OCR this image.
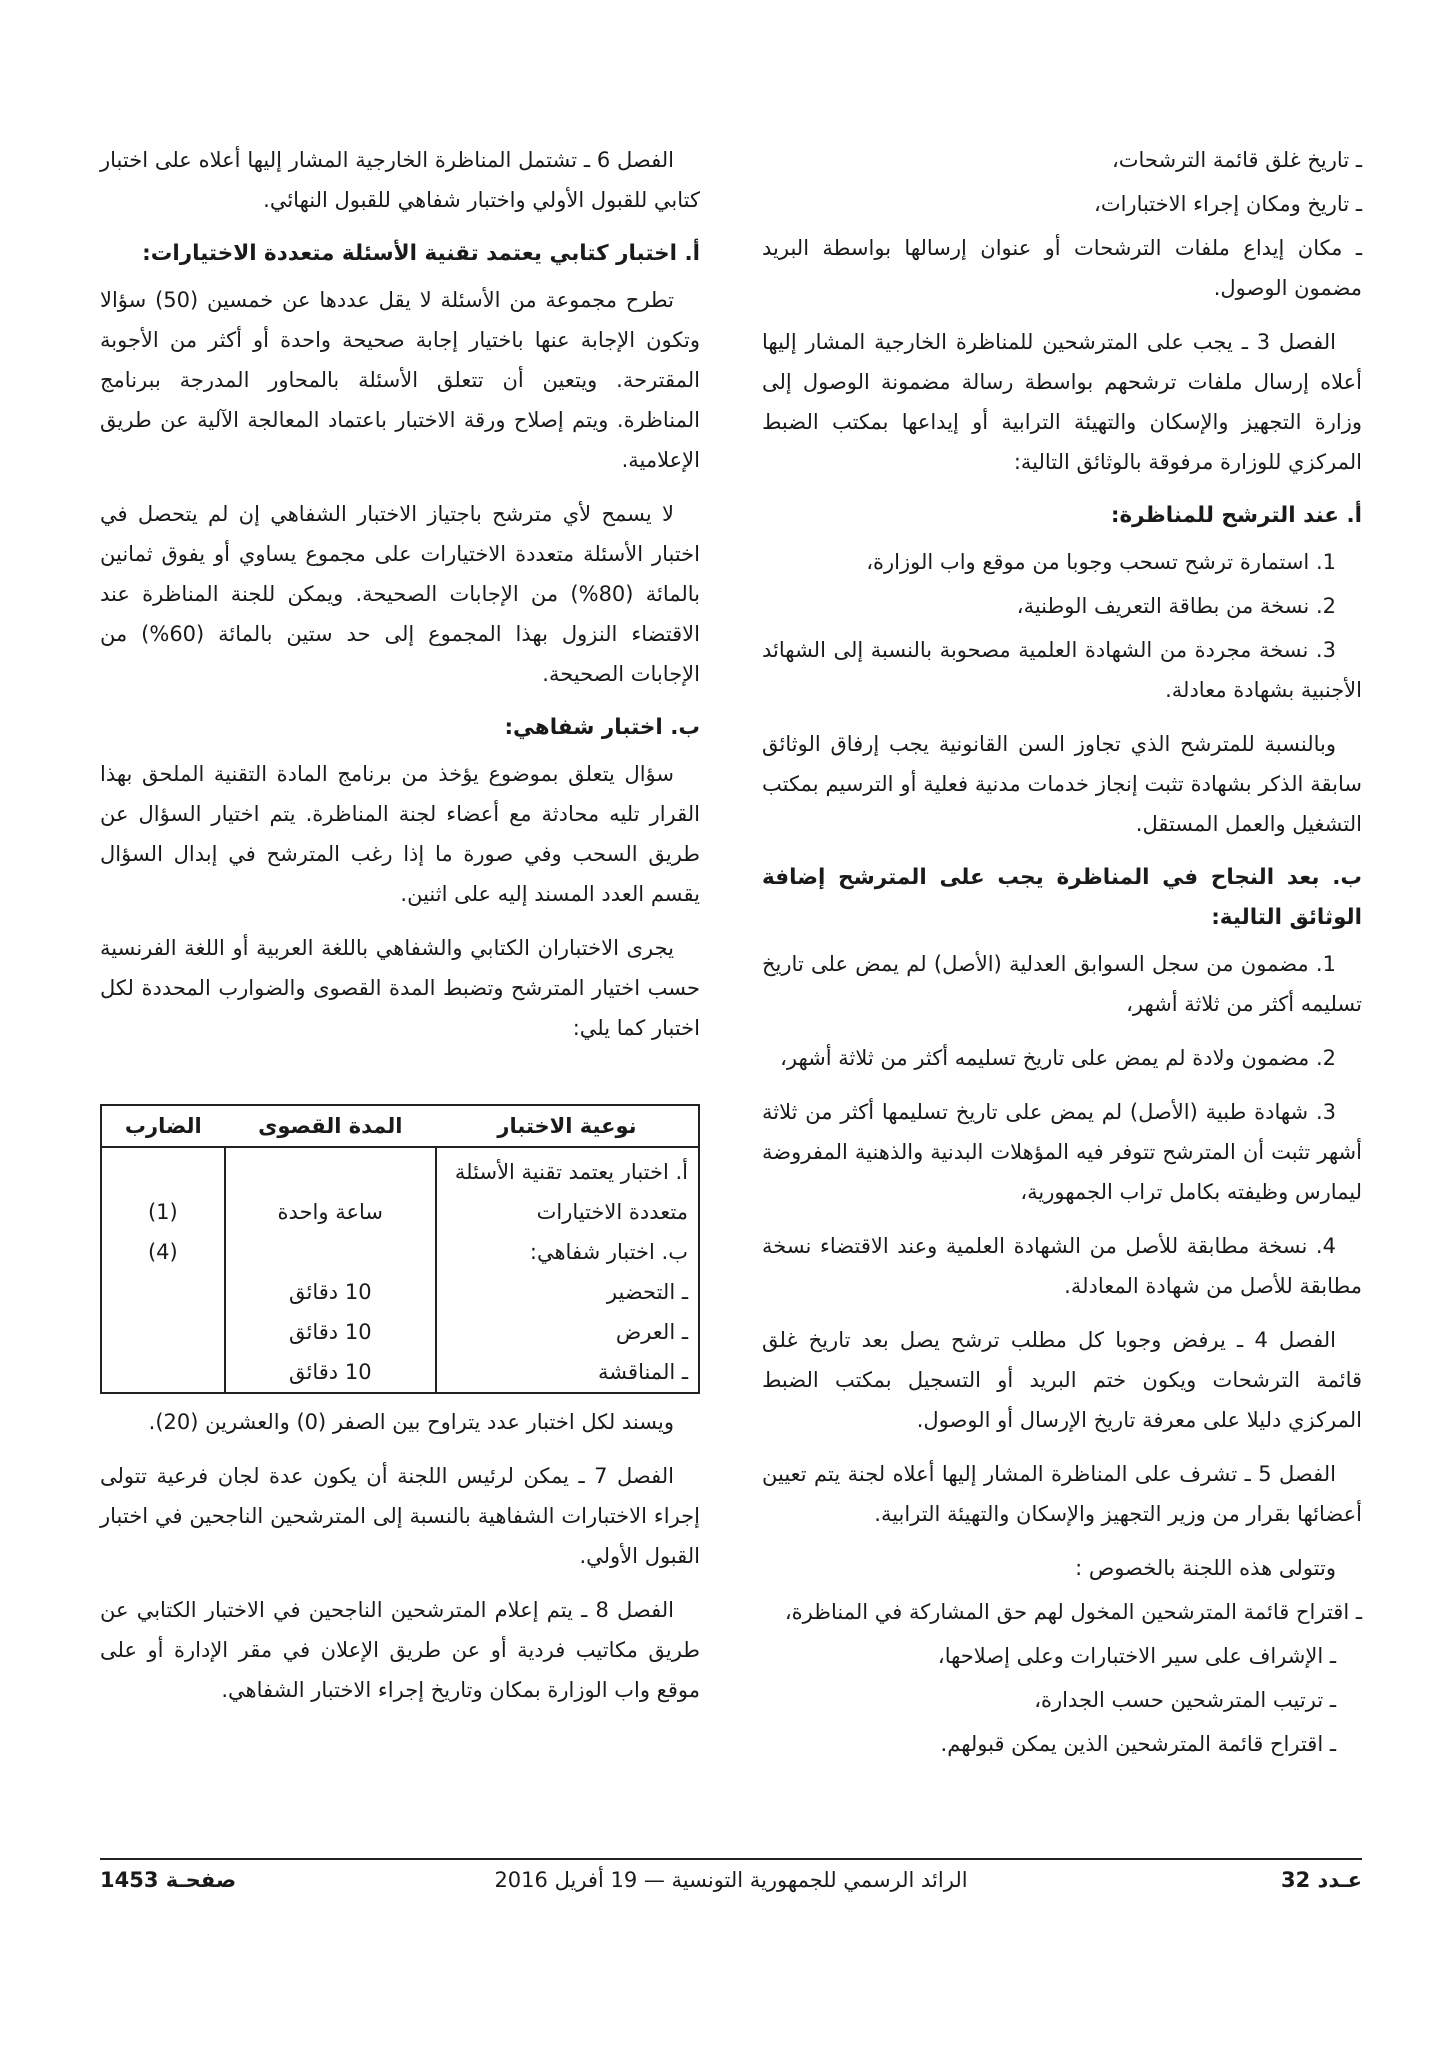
ـ تاريخ غلق قائمة الترشحات،

ـ تاريخ ومكان إجراء الاختبارات،

ـ مكان إيداع ملفات الترشحات أو عنوان إرسالها بواسطة البريد مضمون الوصول.

الفصل 3 ـ يجب على المترشحين للمناظرة الخارجية المشار إليها أعلاه إرسال ملفات ترشحهم بواسطة رسالة مضمونة الوصول إلى وزارة التجهيز والإسكان والتهيئة الترابية أو إيداعها بمكتب الضبط المركزي للوزارة مرفوقة بالوثائق التالية:

أ. عند الترشح للمناظرة:

1. استمارة ترشح تسحب وجوبا من موقع واب الوزارة،

2. نسخة من بطاقة التعريف الوطنية،

3. نسخة مجردة من الشهادة العلمية مصحوبة بالنسبة إلى الشهائد الأجنبية بشهادة معادلة.

وبالنسبة للمترشح الذي تجاوز السن القانونية يجب إرفاق الوثائق سابقة الذكر بشهادة تثبت إنجاز خدمات مدنية فعلية أو الترسيم بمكتب التشغيل والعمل المستقل.

ب. بعد النجاح في المناظرة يجب على المترشح إضافة الوثائق التالية:

1. مضمون من سجل السوابق العدلية (الأصل) لم يمض على تاريخ تسليمه أكثر من ثلاثة أشهر،

2. مضمون ولادة لم يمض على تاريخ تسليمه أكثر من ثلاثة أشهر،

3. شهادة طبية (الأصل) لم يمض على تاريخ تسليمها أكثر من ثلاثة أشهر تثبت أن المترشح تتوفر فيه المؤهلات البدنية والذهنية المفروضة ليمارس وظيفته بكامل تراب الجمهورية،

4. نسخة مطابقة للأصل من الشهادة العلمية وعند الاقتضاء نسخة مطابقة للأصل من شهادة المعادلة.

الفصل 4 ـ يرفض وجوبا كل مطلب ترشح يصل بعد تاريخ غلق قائمة الترشحات ويكون ختم البريد أو التسجيل بمكتب الضبط المركزي دليلا على معرفة تاريخ الإرسال أو الوصول.

الفصل 5 ـ تشرف على المناظرة المشار إليها أعلاه لجنة يتم تعيين أعضائها بقرار من وزير التجهيز والإسكان والتهيئة الترابية.

وتتولى هذه اللجنة بالخصوص :

ـ اقتراح قائمة المترشحين المخول لهم حق المشاركة في المناظرة،

ـ الإشراف على سير الاختبارات وعلى إصلاحها،

ـ ترتيب المترشحين حسب الجدارة،

ـ اقتراح قائمة المترشحين الذين يمكن قبولهم.

الفصل 6 ـ تشتمل المناظرة الخارجية المشار إليها أعلاه على اختبار كتابي للقبول الأولي واختبار شفاهي للقبول النهائي.

أ. اختبار كتابي يعتمد تقنية الأسئلة متعددة الاختيارات:

تطرح مجموعة من الأسئلة لا يقل عددها عن خمسين (50) سؤالا وتكون الإجابة عنها باختيار إجابة صحيحة واحدة أو أكثر من الأجوبة المقترحة. ويتعين أن تتعلق الأسئلة بالمحاور المدرجة ببرنامج المناظرة. ويتم إصلاح ورقة الاختبار باعتماد المعالجة الآلية عن طريق الإعلامية.

لا يسمح لأي مترشح باجتياز الاختبار الشفاهي إن لم يتحصل في اختبار الأسئلة متعددة الاختيارات على مجموع يساوي أو يفوق ثمانين بالمائة (80%) من الإجابات الصحيحة. ويمكن للجنة المناظرة عند الاقتضاء النزول بهذا المجموع إلى حد ستين بالمائة (60%) من الإجابات الصحيحة.

ب. اختبار شفاهي:

سؤال يتعلق بموضوع يؤخذ من برنامج المادة التقنية الملحق بهذا القرار تليه محادثة مع أعضاء لجنة المناظرة. يتم اختيار السؤال عن طريق السحب وفي صورة ما إذا رغب المترشح في إبدال السؤال يقسم العدد المسند إليه على اثنين.

يجرى الاختباران الكتابي والشفاهي باللغة العربية أو اللغة الفرنسية حسب اختيار المترشح وتضبط المدة القصوى والضوارب المحددة لكل اختبار كما يلي:

نوعية الاختبار	المدة القصوى	الضارب
أ. اختبار يعتمد تقنية الأسئلة متعددة الاختيارات	ساعة واحدة	(1)
ب. اختبار شفاهي:		(4)
ـ التحضير	10 دقائق	
ـ العرض	10 دقائق	
ـ المناقشة	10 دقائق	

ويسند لكل اختبار عدد يتراوح بين الصفر (0) والعشرين (20).

الفصل 7 ـ يمكن لرئيس اللجنة أن يكون عدة لجان فرعية تتولى إجراء الاختبارات الشفاهية بالنسبة إلى المترشحين الناجحين في اختبار القبول الأولي.

الفصل 8 ـ يتم إعلام المترشحين الناجحين في الاختبار الكتابي عن طريق مكاتيب فردية أو عن طريق الإعلان في مقر الإدارة أو على موقع واب الوزارة بمكان وتاريخ إجراء الاختبار الشفاهي.

عـدد 32
الرائد الرسمي للجمهورية التونسية — 19 أفريل 2016
صفحـة 1453
